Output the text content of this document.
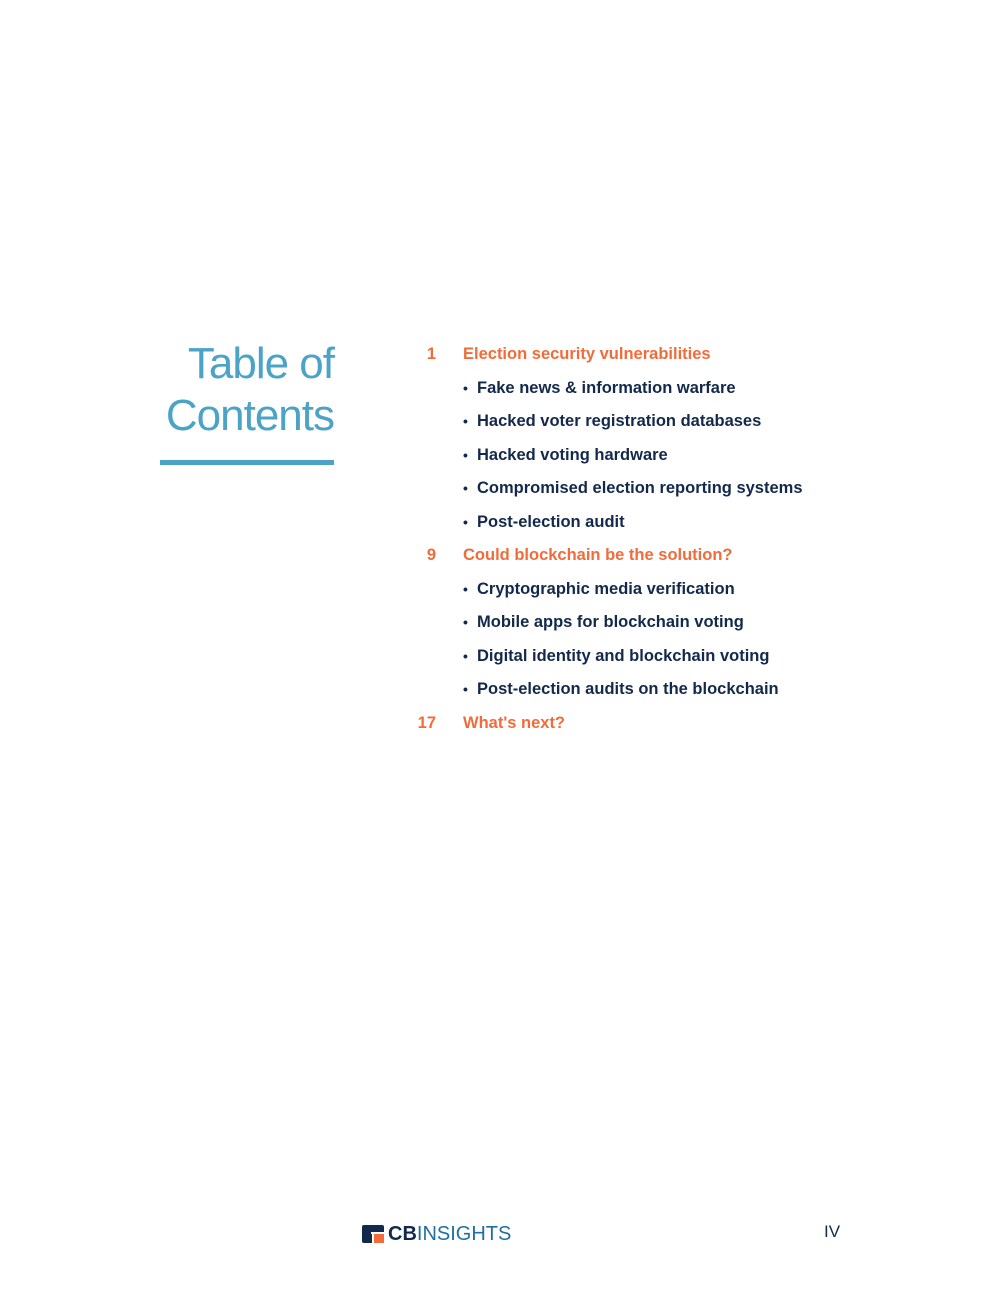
Table of
Contents
1 Election security vulnerabilities
• Fake news & information warfare
• Hacked voter registration databases
• Hacked voting hardware
• Compromised election reporting systems
• Post-election audit
9 Could blockchain be the solution?
• Cryptographic media verification
• Mobile apps for blockchain voting
• Digital identity and blockchain voting
• Post-election audits on the blockchain
17 What's next?
CBINSIGHTS	IV
